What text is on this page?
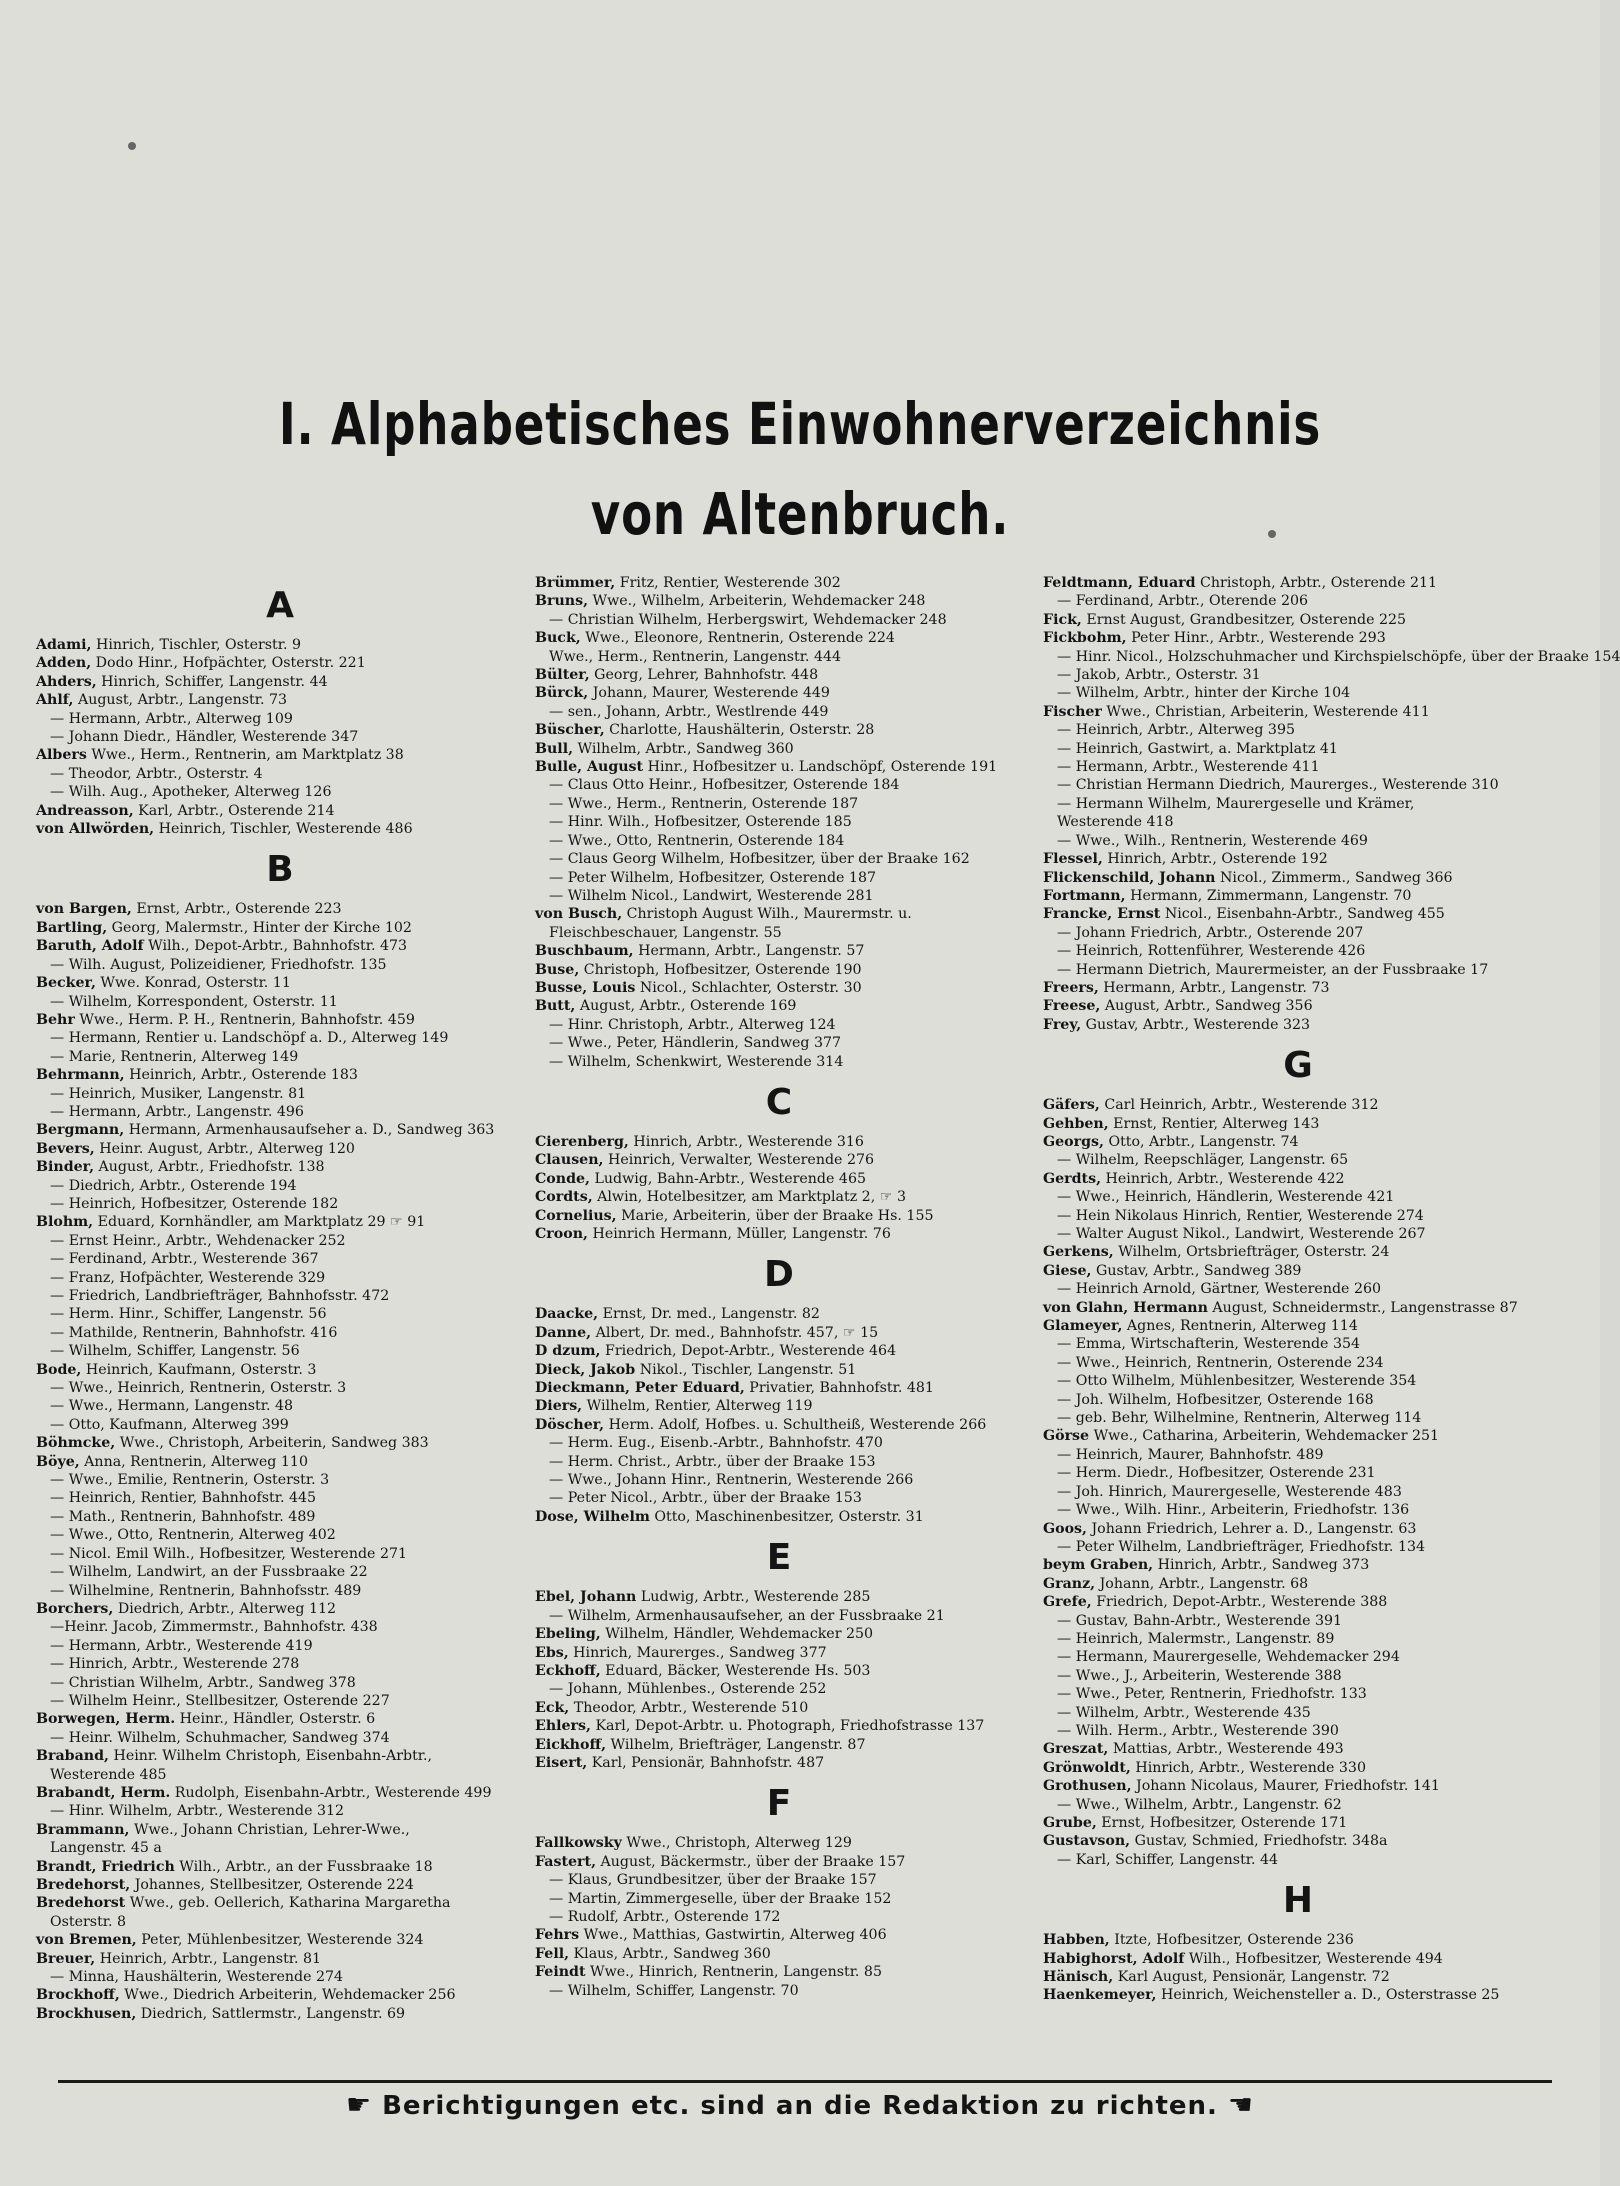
I. Alphabetisches Einwohnerverzeichnis
von Altenbruch.
A
Adami, Hinrich, Tischler, Osterstr. 9
Adden, Dodo Hinr., Hofpächter, Osterstr. 221
Ahders, Hinrich, Schiffer, Langenstr. 44
Ahlf, August, Arbtr., Langenstr. 73
— Hermann, Arbtr., Alterweg 109
— Johann Diedr., Händler, Westerende 347
Albers Wwe., Herm., Rentnerin, am Marktplatz 38
— Theodor, Arbtr., Osterstr. 4
— Wilh. Aug., Apotheker, Alterweg 126
Andreasson, Karl, Arbtr., Osterende 214
von Allwörden, Heinrich, Tischler, Westerende 486
B
von Bargen, Ernst, Arbtr., Osterende 223
Bartling, Georg, Malermstr., Hinter der Kirche 102
Baruth, Adolf Wilh., Depot-Arbtr., Bahnhofstr. 473
— Wilh. August, Polizeidiener, Friedhofstr. 135
Becker, Wwe. Konrad, Osterstr. 11
— Wilhelm, Korrespondent, Osterstr. 11
Behr Wwe., Herm. P. H., Rentnerin, Bahnhofstr. 459
— Hermann, Rentier u. Landschöpf a. D., Alterweg 149
— Marie, Rentnerin, Alterweg 149
Behrmann, Heinrich, Arbtr., Osterende 183
— Heinrich, Musiker, Langenstr. 81
— Hermann, Arbtr., Langenstr. 496
Bergmann, Hermann, Armenhausaufseher a. D., Sandweg 363
Bevers, Heinr. August, Arbtr., Alterweg 120
Binder, August, Arbtr., Friedhofstr. 138
— Diedrich, Arbtr., Osterende 194
— Heinrich, Hofbesitzer, Osterende 182
Blohm, Eduard, Kornhändler, am Marktplatz 29 ☞ 91
— Ernst Heinr., Arbtr., Wehdenacker 252
— Ferdinand, Arbtr., Westerende 367
— Franz, Hofpächter, Westerende 329
— Friedrich, Landbriefträger, Bahnhofsstr. 472
— Herm. Hinr., Schiffer, Langenstr. 56
— Mathilde, Rentnerin, Bahnhofstr. 416
— Wilhelm, Schiffer, Langenstr. 56
Bode, Heinrich, Kaufmann, Osterstr. 3
— Wwe., Heinrich, Rentnerin, Osterstr. 3
— Wwe., Hermann, Langenstr. 48
— Otto, Kaufmann, Alterweg 399
Böhmcke, Wwe., Christoph, Arbeiterin, Sandweg 383
Böye, Anna, Rentnerin, Alterweg 110
— Wwe., Emilie, Rentnerin, Osterstr. 3
— Heinrich, Rentier, Bahnhofstr. 445
— Math., Rentnerin, Bahnhofstr. 489
— Wwe., Otto, Rentnerin, Alterweg 402
— Nicol. Emil Wilh., Hofbesitzer, Westerende 271
— Wilhelm, Landwirt, an der Fussbraake 22
— Wilhelmine, Rentnerin, Bahnhofsstr. 489
Borchers, Diedrich, Arbtr., Alterweg 112
—Heinr. Jacob, Zimmermstr., Bahnhofstr. 438
— Hermann, Arbtr., Westerende 419
— Hinrich, Arbtr., Westerende 278
— Christian Wilhelm, Arbtr., Sandweg 378
— Wilhelm Heinr., Stellbesitzer, Osterende 227
Borwegen, Herm. Heinr., Händler, Osterstr. 6
— Heinr. Wilhelm, Schuhmacher, Sandweg 374
Braband, Heinr. Wilhelm Christoph, Eisenbahn-Arbtr.,
Westerende 485
Brabandt, Herm. Rudolph, Eisenbahn-Arbtr., Westerende 499
— Hinr. Wilhelm, Arbtr., Westerende 312
Brammann, Wwe., Johann Christian, Lehrer-Wwe.,
Langenstr. 45 a
Brandt, Friedrich Wilh., Arbtr., an der Fussbraake 18
Bredehorst, Johannes, Stellbesitzer, Osterende 224
Bredehorst Wwe., geb. Oellerich, Katharina Margaretha
Osterstr. 8
von Bremen, Peter, Mühlenbesitzer, Westerende 324
Breuer, Heinrich, Arbtr., Langenstr. 81
— Minna, Haushälterin, Westerende 274
Brockhoff, Wwe., Diedrich Arbeiterin, Wehdemacker 256
Brockhusen, Diedrich, Sattlermstr., Langenstr. 69
Brümmer, Fritz, Rentier, Westerende 302
Bruns, Wwe., Wilhelm, Arbeiterin, Wehdemacker 248
— Christian Wilhelm, Herbergswirt, Wehdemacker 248
Buck, Wwe., Eleonore, Rentnerin, Osterende 224
Wwe., Herm., Rentnerin, Langenstr. 444
Bülter, Georg, Lehrer, Bahnhofstr. 448
Bürck, Johann, Maurer, Westerende 449
— sen., Johann, Arbtr., Westlrende 449
Büscher, Charlotte, Haushälterin, Osterstr. 28
Bull, Wilhelm, Arbtr., Sandweg 360
Bulle, August Hinr., Hofbesitzer u. Landschöpf, Osterende 191
— Claus Otto Heinr., Hofbesitzer, Osterende 184
— Wwe., Herm., Rentnerin, Osterende 187
— Hinr. Wilh., Hofbesitzer, Osterende 185
— Wwe., Otto, Rentnerin, Osterende 184
— Claus Georg Wilhelm, Hofbesitzer, über der Braake 162
— Peter Wilhelm, Hofbesitzer, Osterende 187
— Wilhelm Nicol., Landwirt, Westerende 281
von Busch, Christoph August Wilh., Maurermstr. u.
Fleischbeschauer, Langenstr. 55
Buschbaum, Hermann, Arbtr., Langenstr. 57
Buse, Christoph, Hofbesitzer, Osterende 190
Busse, Louis Nicol., Schlachter, Osterstr. 30
Butt, August, Arbtr., Osterende 169
— Hinr. Christoph, Arbtr., Alterweg 124
— Wwe., Peter, Händlerin, Sandweg 377
— Wilhelm, Schenkwirt, Westerende 314
C
Cierenberg, Hinrich, Arbtr., Westerende 316
Clausen, Heinrich, Verwalter, Westerende 276
Conde, Ludwig, Bahn-Arbtr., Westerende 465
Cordts, Alwin, Hotelbesitzer, am Marktplatz 2, ☞ 3
Cornelius, Marie, Arbeiterin, über der Braake Hs. 155
Croon, Heinrich Hermann, Müller, Langenstr. 76
D
Daacke, Ernst, Dr. med., Langenstr. 82
Danne, Albert, Dr. med., Bahnhofstr. 457, ☞ 15
D dzum, Friedrich, Depot-Arbtr., Westerende 464
Dieck, Jakob Nikol., Tischler, Langenstr. 51
Dieckmann, Peter Eduard, Privatier, Bahnhofstr. 481
Diers, Wilhelm, Rentier, Alterweg 119
Döscher, Herm. Adolf, Hofbes. u. Schultheiß, Westerende 266
— Herm. Eug., Eisenb.-Arbtr., Bahnhofstr. 470
— Herm. Christ., Arbtr., über der Braake 153
— Wwe., Johann Hinr., Rentnerin, Westerende 266
— Peter Nicol., Arbtr., über der Braake 153
Dose, Wilhelm Otto, Maschinenbesitzer, Osterstr. 31
E
Ebel, Johann Ludwig, Arbtr., Westerende 285
— Wilhelm, Armenhausaufseher, an der Fussbraake 21
Ebeling, Wilhelm, Händler, Wehdemacker 250
Ebs, Hinrich, Maurerges., Sandweg 377
Eckhoff, Eduard, Bäcker, Westerende Hs. 503
— Johann, Mühlenbes., Osterende 252
Eck, Theodor, Arbtr., Westerende 510
Ehlers, Karl, Depot-Arbtr. u. Photograph, Friedhofstrasse 137
Eickhoff, Wilhelm, Briefträger, Langenstr. 87
Eisert, Karl, Pensionär, Bahnhofstr. 487
F
Fallkowsky Wwe., Christoph, Alterweg 129
Fastert, August, Bäckermstr., über der Braake 157
— Klaus, Grundbesitzer, über der Braake 157
— Martin, Zimmergeselle, über der Braake 152
— Rudolf, Arbtr., Osterende 172
Fehrs Wwe., Matthias, Gastwirtin, Alterweg 406
Fell, Klaus, Arbtr., Sandweg 360
Feindt Wwe., Hinrich, Rentnerin, Langenstr. 85
— Wilhelm, Schiffer, Langenstr. 70
Feldtmann, Eduard Christoph, Arbtr., Osterende 211
— Ferdinand, Arbtr., Oterende 206
Fick, Ernst August, Grandbesitzer, Osterende 225
Fickbohm, Peter Hinr., Arbtr., Westerende 293
— Hinr. Nicol., Holzschuhmacher und Kirchspielschöpfe, über der Braake 154
— Jakob, Arbtr., Osterstr. 31
— Wilhelm, Arbtr., hinter der Kirche 104
Fischer Wwe., Christian, Arbeiterin, Westerende 411
— Heinrich, Arbtr., Alterweg 395
— Heinrich, Gastwirt, a. Marktplatz 41
— Hermann, Arbtr., Westerende 411
— Christian Hermann Diedrich, Maurerges., Westerende 310
— Hermann Wilhelm, Maurergeselle und Krämer,
Westerende 418
— Wwe., Wilh., Rentnerin, Westerende 469
Flessel, Hinrich, Arbtr., Osterende 192
Flickenschild, Johann Nicol., Zimmerm., Sandweg 366
Fortmann, Hermann, Zimmermann, Langenstr. 70
Francke, Ernst Nicol., Eisenbahn-Arbtr., Sandweg 455
— Johann Friedrich, Arbtr., Osterende 207
— Heinrich, Rottenführer, Westerende 426
— Hermann Dietrich, Maurermeister, an der Fussbraake 17
Freers, Hermann, Arbtr., Langenstr. 73
Freese, August, Arbtr., Sandweg 356
Frey, Gustav, Arbtr., Westerende 323
G
Gäfers, Carl Heinrich, Arbtr., Westerende 312
Gehben, Ernst, Rentier, Alterweg 143
Georgs, Otto, Arbtr., Langenstr. 74
— Wilhelm, Reepschläger, Langenstr. 65
Gerdts, Heinrich, Arbtr., Westerende 422
— Wwe., Heinrich, Händlerin, Westerende 421
— Hein Nikolaus Hinrich, Rentier, Westerende 274
— Walter August Nikol., Landwirt, Westerende 267
Gerkens, Wilhelm, Ortsbriefträger, Osterstr. 24
Giese, Gustav, Arbtr., Sandweg 389
— Heinrich Arnold, Gärtner, Westerende 260
von Glahn, Hermann August, Schneidermstr., Langenstrasse 87
Glameyer, Agnes, Rentnerin, Alterweg 114
— Emma, Wirtschafterin, Westerende 354
— Wwe., Heinrich, Rentnerin, Osterende 234
— Otto Wilhelm, Mühlenbesitzer, Westerende 354
— Joh. Wilhelm, Hofbesitzer, Osterende 168
— geb. Behr, Wilhelmine, Rentnerin, Alterweg 114
Görse Wwe., Catharina, Arbeiterin, Wehdemacker 251
— Heinrich, Maurer, Bahnhofstr. 489
— Herm. Diedr., Hofbesitzer, Osterende 231
— Joh. Hinrich, Maurergeselle, Westerende 483
— Wwe., Wilh. Hinr., Arbeiterin, Friedhofstr. 136
Goos, Johann Friedrich, Lehrer a. D., Langenstr. 63
— Peter Wilhelm, Landbriefträger, Friedhofstr. 134
beym Graben, Hinrich, Arbtr., Sandweg 373
Granz, Johann, Arbtr., Langenstr. 68
Grefe, Friedrich, Depot-Arbtr., Westerende 388
— Gustav, Bahn-Arbtr., Westerende 391
— Heinrich, Malermstr., Langenstr. 89
— Hermann, Maurergeselle, Wehdemacker 294
— Wwe., J., Arbeiterin, Westerende 388
— Wwe., Peter, Rentnerin, Friedhofstr. 133
— Wilhelm, Arbtr., Westerende 435
— Wilh. Herm., Arbtr., Westerende 390
Greszat, Mattias, Arbtr., Westerende 493
Grönwoldt, Hinrich, Arbtr., Westerende 330
Grothusen, Johann Nicolaus, Maurer, Friedhofstr. 141
— Wwe., Wilhelm, Arbtr., Langenstr. 62
Grube, Ernst, Hofbesitzer, Osterende 171
Gustavson, Gustav, Schmied, Friedhofstr. 348a
— Karl, Schiffer, Langenstr. 44
H
Habben, Itzte, Hofbesitzer, Osterende 236
Habighorst, Adolf Wilh., Hofbesitzer, Westerende 494
Hänisch, Karl August, Pensionär, Langenstr. 72
Haenkemeyer, Heinrich, Weichensteller a. D., Osterstrasse 25
☛ Berichtigungen etc. sind an die Redaktion zu richten. ☚
